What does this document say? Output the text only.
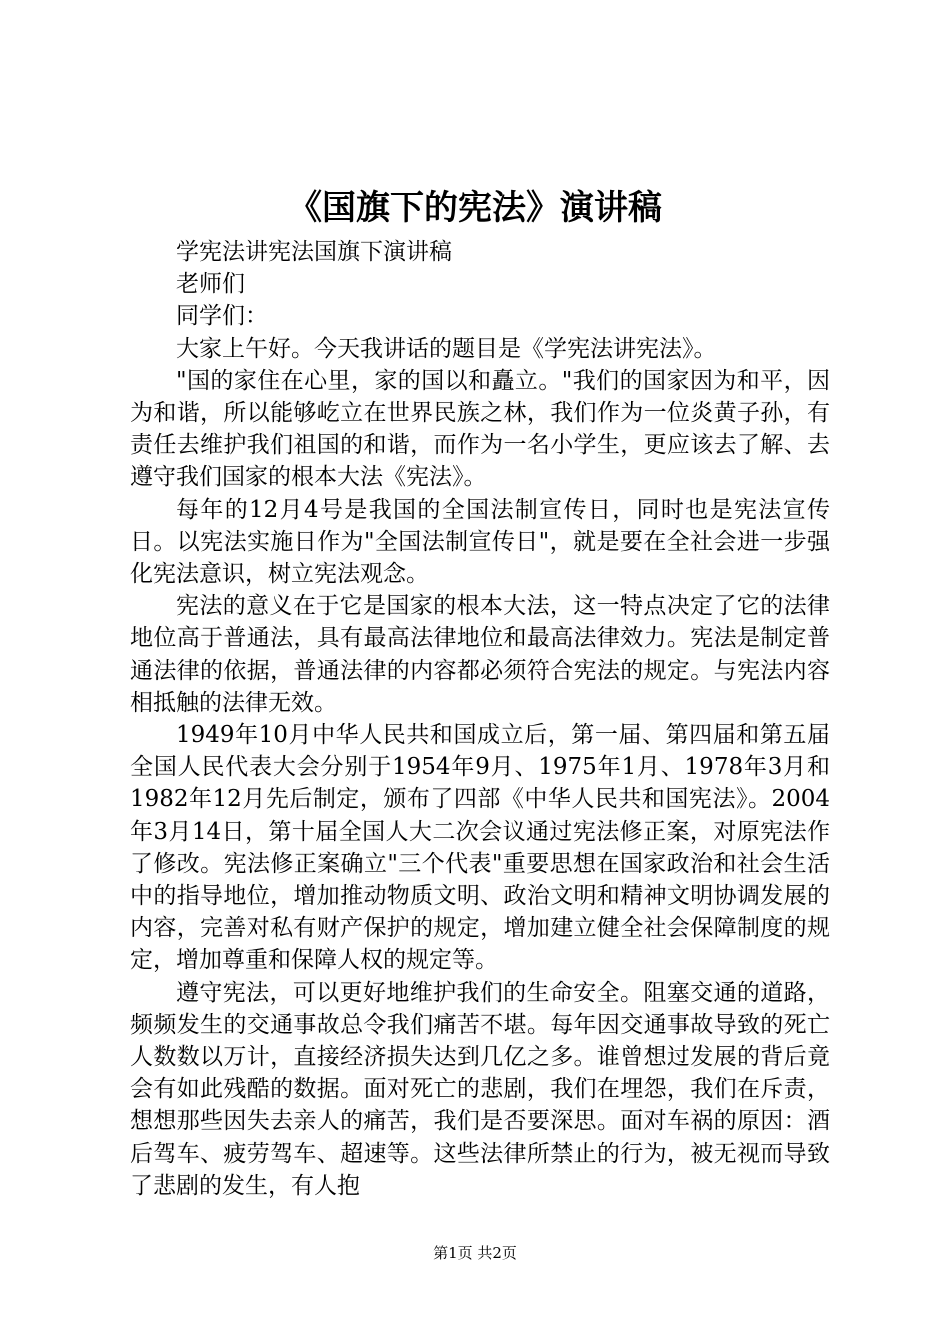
《国旗下的宪法》演讲稿

学宪法讲宪法国旗下演讲稿

老师们

同学们：

大家上午好。今天我讲话的题目是《学宪法讲宪法》。

"国的家住在心里，家的国以和矗立。"我们的国家因为和平，因为和谐，所以能够屹立在世界民族之林，我们作为一位炎黄子孙，有责任去维护我们祖国的和谐，而作为一名小学生，更应该去了解、去遵守我们国家的根本大法《宪法》。

每年的12月4号是我国的全国法制宣传日，同时也是宪法宣传日。以宪法实施日作为"全国法制宣传日"，就是要在全社会进一步强化宪法意识，树立宪法观念。

宪法的意义在于它是国家的根本大法，这一特点决定了它的法律地位高于普通法，具有最高法律地位和最高法律效力。宪法是制定普通法律的依据，普通法律的内容都必须符合宪法的规定。与宪法内容相抵触的法律无效。

1949年10月中华人民共和国成立后，第一届、第四届和第五届全国人民代表大会分别于1954年9月、1975年1月、1978年3月和1982年12月先后制定，颁布了四部《中华人民共和国宪法》。2004年3月14日，第十届全国人大二次会议通过宪法修正案，对原宪法作了修改。宪法修正案确立"三个代表"重要思想在国家政治和社会生活中的指导地位，增加推动物质文明、政治文明和精神文明协调发展的内容，完善对私有财产保护的规定，增加建立健全社会保障制度的规定，增加尊重和保障人权的规定等。

遵守宪法，可以更好地维护我们的生命安全。阻塞交通的道路，频频发生的交通事故总令我们痛苦不堪。每年因交通事故导致的死亡人数数以万计，直接经济损失达到几亿之多。谁曾想过发展的背后竟会有如此残酷的数据。面对死亡的悲剧，我们在埋怨，我们在斥责，想想那些因失去亲人的痛苦，我们是否要深思。面对车祸的原因：酒后驾车、疲劳驾车、超速等。这些法律所禁止的行为，被无视而导致了悲剧的发生，有人抱

第1页 共2页
